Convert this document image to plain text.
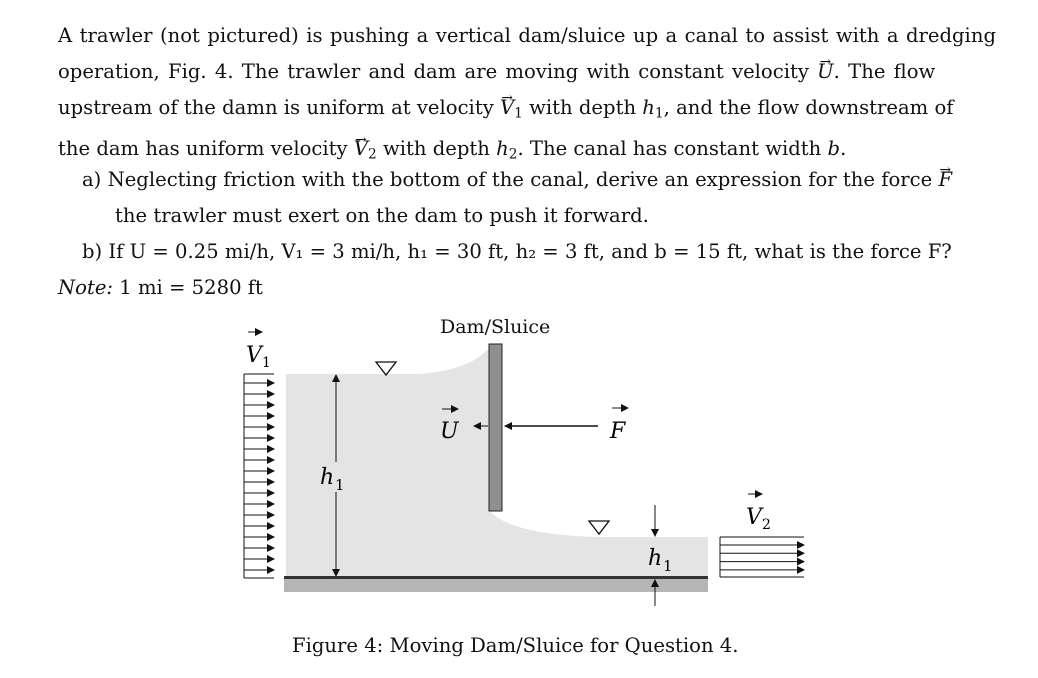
A trawler (not pictured) is pushing a vertical dam/sluice up a canal to assist with a dredging
operation, Fig. 4. The trawler and dam are moving with constant velocity → U. The flow
upstream of the damn is uniform at velocity → $V_1$ with depth $h_1$, and the flow downstream of
the dam has uniform velocity → $V_2$ with depth $h_2$. The canal has constant width b.
a) Neglecting friction with the bottom of the canal, derive an expression for the force → F
the trawler must exert on the dam to push it forward.
b) If U = 0.25 mi/h, V₁ = 3 mi/h, h₁ = 30 ft, h₂ = 3 ft, and b = 15 ft, what is the force F?
Note: 1 mi = 5280 ft
Dam/Sluice
V 1
V 2
U	F
h 1
h 1
Figure 4: Moving Dam/Sluice for Question 4.
